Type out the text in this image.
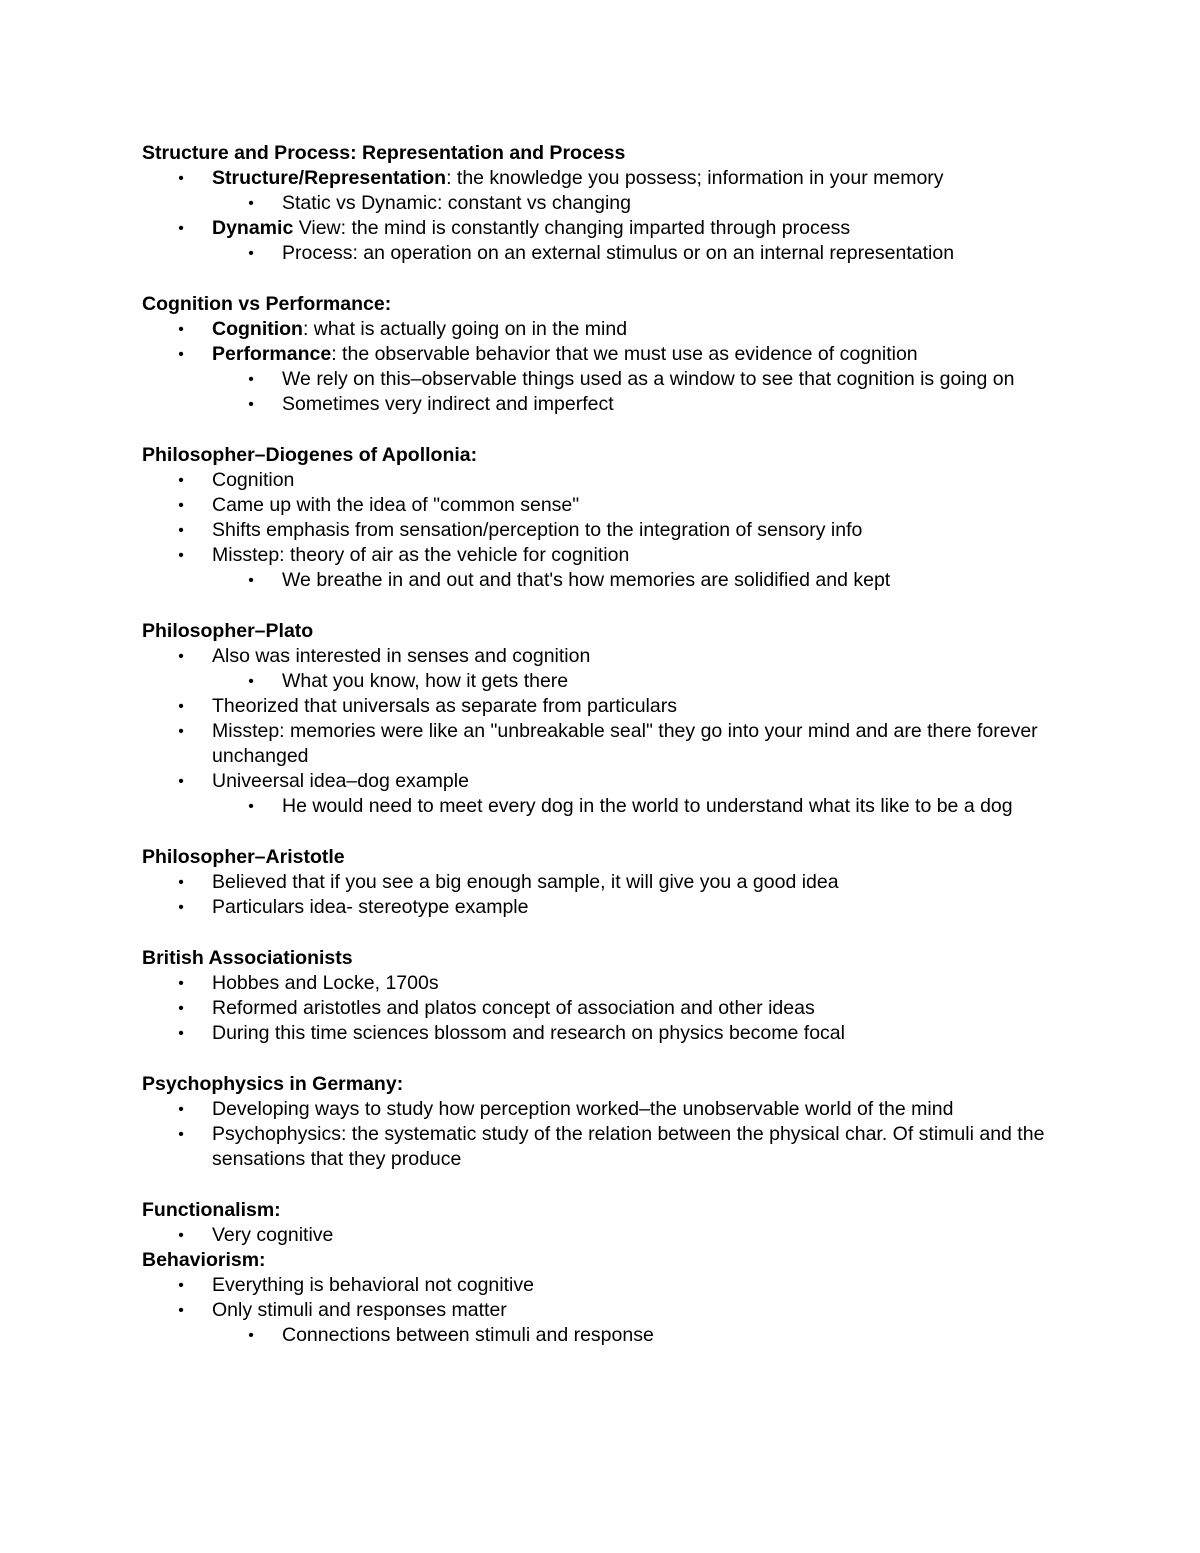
Structure and Process: Representation and Process
• Structure/Representation: the knowledge you possess; information in your memory
• Static vs Dynamic: constant vs changing
• Dynamic View: the mind is constantly changing imparted through process
• Process: an operation on an external stimulus or on an internal representation
Cognition vs Performance:
• Cognition: what is actually going on in the mind
• Performance: the observable behavior that we must use as evidence of cognition
• We rely on this–observable things used as a window to see that cognition is going on
• Sometimes very indirect and imperfect
Philosopher–Diogenes of Apollonia:
• Cognition
• Came up with the idea of "common sense"
• Shifts emphasis from sensation/perception to the integration of sensory info
• Misstep: theory of air as the vehicle for cognition
• We breathe in and out and that's how memories are solidified and kept
Philosopher–Plato
• Also was interested in senses and cognition
• What you know, how it gets there
• Theorized that universals as separate from particulars
• Misstep: memories were like an "unbreakable seal" they go into your mind and are there forever unchanged
• Univeersal idea–dog example
• He would need to meet every dog in the world to understand what its like to be a dog
Philosopher–Aristotle
• Believed that if you see a big enough sample, it will give you a good idea
• Particulars idea- stereotype example
British Associationists
• Hobbes and Locke, 1700s
• Reformed aristotles and platos concept of association and other ideas
• During this time sciences blossom and research on physics become focal
Psychophysics in Germany:
• Developing ways to study how perception worked–the unobservable world of the mind
• Psychophysics: the systematic study of the relation between the physical char. Of stimuli and the sensations that they produce
Functionalism:
• Very cognitive
Behaviorism:
• Everything is behavioral not cognitive
• Only stimuli and responses matter
• Connections between stimuli and response
